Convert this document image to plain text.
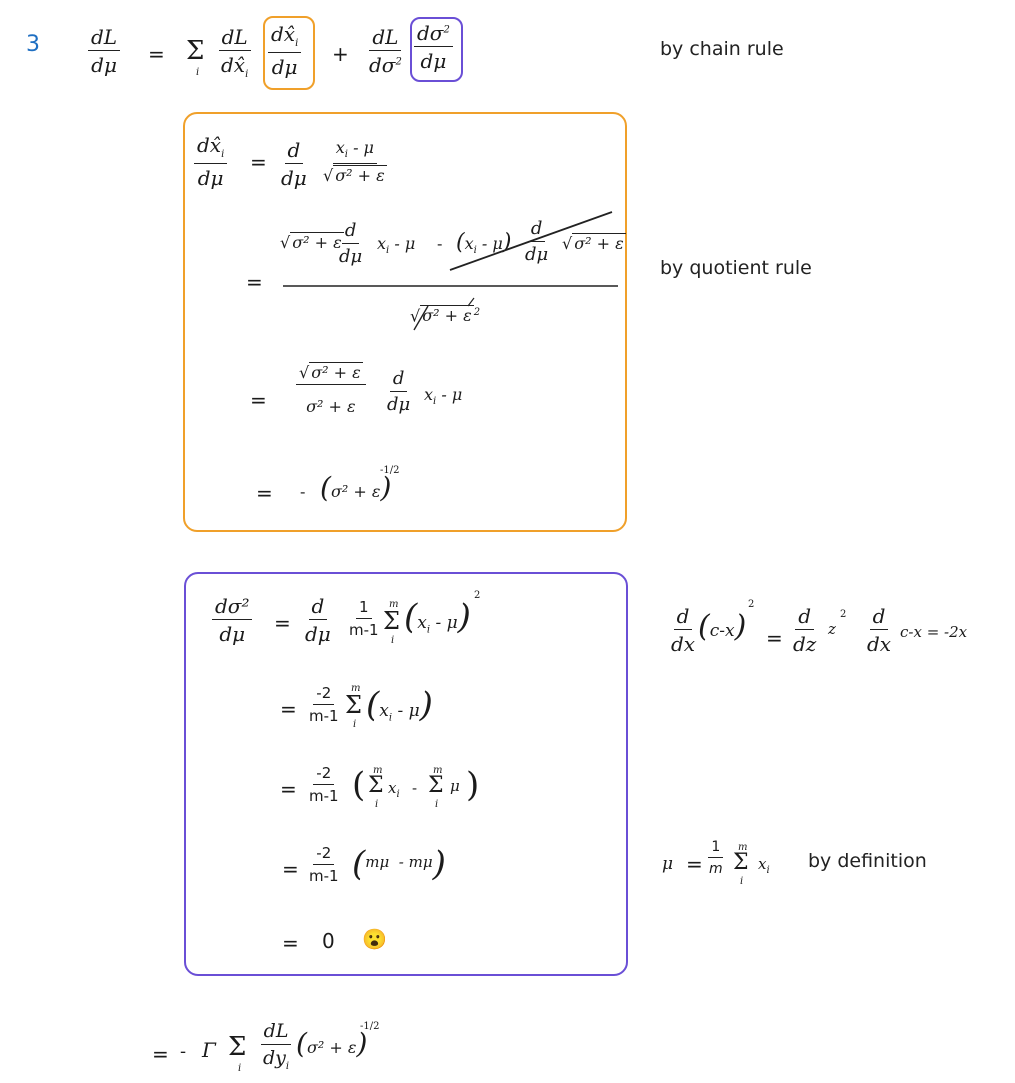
$3 \frac{dL}{d\mu} = \Sigma$
i $\frac{dL}{dx̂_i} \frac{dx̂_i}{d\mu} + \frac{dL}{d\sigma^2} \frac{d\sigma^2}{d\mu}$	by chain rule
$\frac{dx̂_i}{d\mu} = \frac{d}{d\mu} \frac{x_i - \mu}{\text{√ σ² + ε}}$
√ σ² + ε
$\frac{d}{d\mu} x_i$ - μ - $(x_i - \mu) \frac{d}{d\mu}$ √ σ² + ε
=
√ σ² + ε $^2$
by quotient rule
= $\frac{\text{√ σ² + ε}}{\text{σ² + ε}} \frac{d}{d\mu} x_i$ - μ
= - (σ² + ε)
-1/2
$\frac{\text{dσ²}}{d\mu} = \frac{d}{d\mu} \frac{1}{m-1}$ Σ
m
i
$(x_i - \mu)$
2
= $\frac{-2}{m-1}$ Σ
m
i $(x_i - \mu)$
= $\frac{-2}{m-1}$ ( Σ
m
i
$x_i$ - Σ
m
i
μ )
= $\frac{-2}{m-1} (m\mu - m\mu)$
= 0 😮
$\frac{d}{dx} (c-x)$
2
= $\frac{d}{dz}$ z
$2 \frac{d}{dx} c-x = -2x$
$\mu = \frac{1}{m}$ Σ
m
i
$x_i$ by definition
= - Γ Σ
i
dL
$dy_i$
(σ² + ε)
-1/2
